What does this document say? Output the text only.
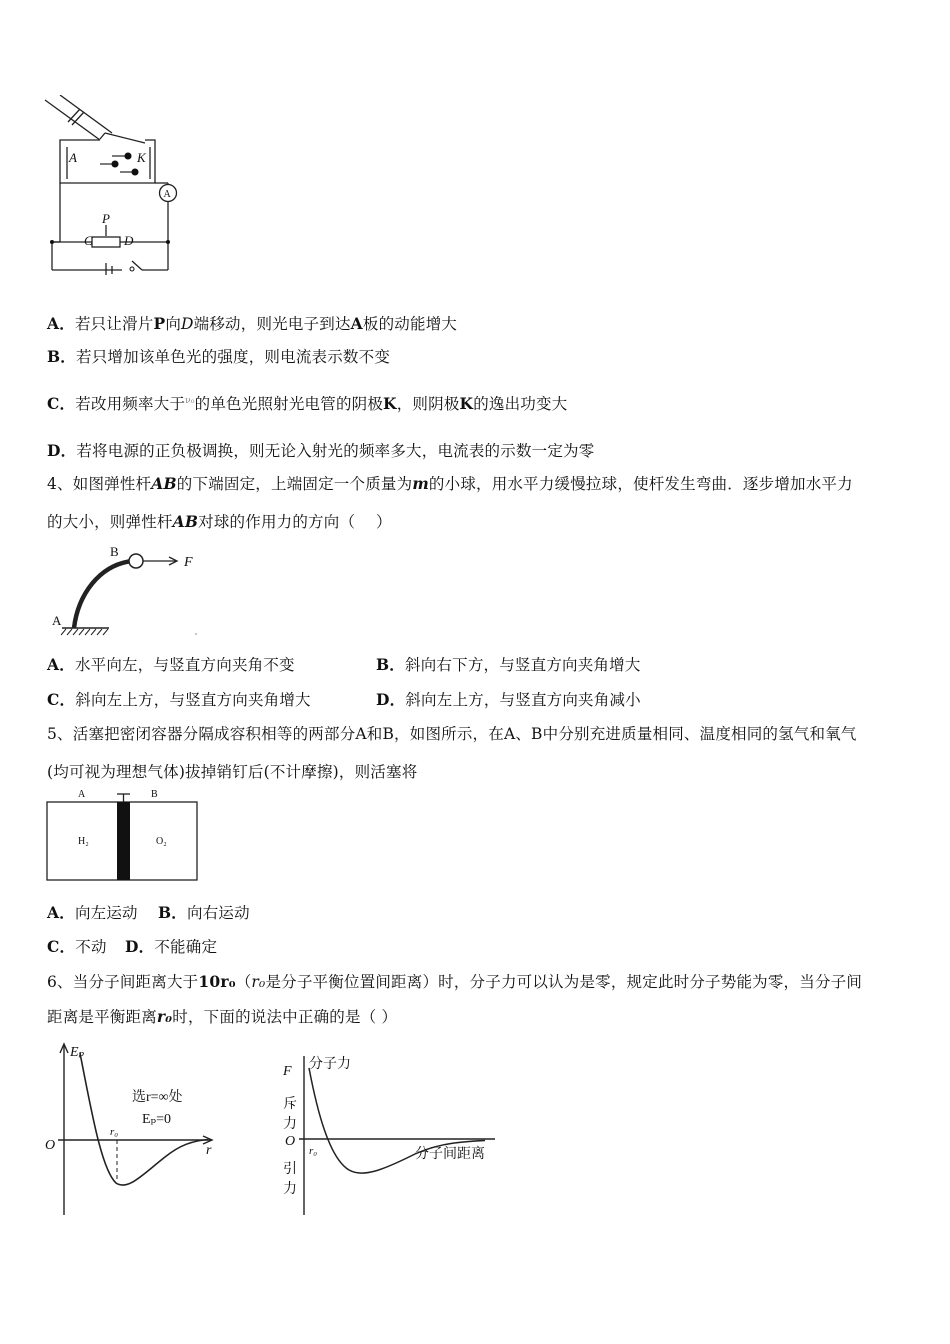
A
A	K
P
C D
A．若只让滑片P向D端移动，则光电子到达A板的动能增大
B．若只增加该单色光的强度，则电流表示数不变
C．若改用频率大于$^{\nu_0}$的单色光照射光电管的阴极K，则阴极K的逸出功变大
D．若将电源的正负极调换，则无论入射光的频率多大，电流表的示数一定为零
4、如图弹性杆AB的下端固定，上端固定一个质量为m的小球，用水平力缓慢拉球，使杆发生弯曲．逐步增加水平力
的大小，则弹性杆AB对球的作用力的方向（　 ）
A
B
F
A．水平向左，与竖直方向夹角不变	B．斜向右下方，与竖直方向夹角增大
C．斜向左上方，与竖直方向夹角增大	D．斜向左上方，与竖直方向夹角减小
5、活塞把密闭容器分隔成容积相等的两部分A和B，如图所示，在A、B中分别充进质量相同、温度相同的氢气和氧气
(均可视为理想气体)拔掉销钉后(不计摩擦)，则活塞将
A	B
H₂	O₂
A．向左运动 B．向右运动
C．不动 D．不能确定
6、当分子间距离大于10r₀（r₀是分子平衡位置间距离）时，分子力可以认为是零，规定此时分子势能为零，当分子间
距离是平衡距离r₀时，下面的说法中正确的是（ ）
Eₚ
O	r
r₀
选r=∞处
Eₚ=0
F 分子力
斥
力
O
r₀
引
力
分子间距离
